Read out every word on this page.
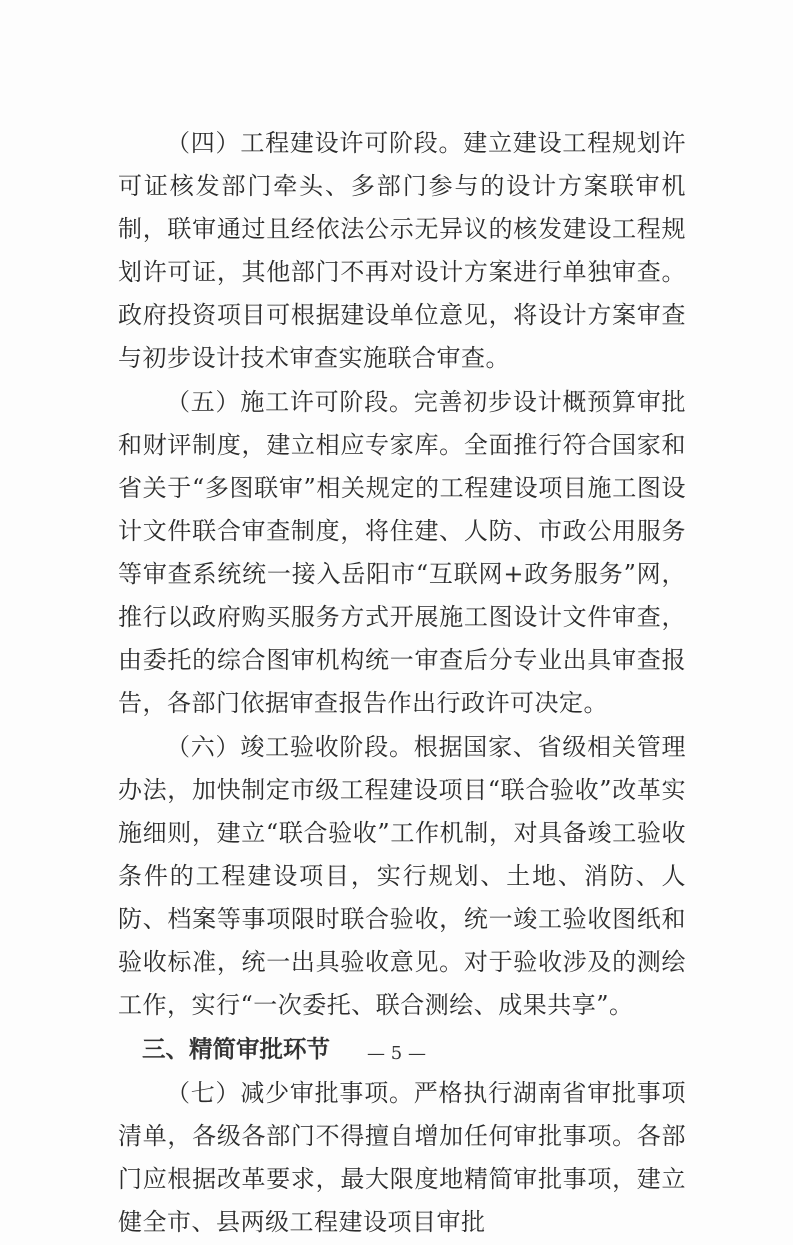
（四）工程建设许可阶段。建立建设工程规划许可证核发部门牵头、多部门参与的设计方案联审机制，联审通过且经依法公示无异议的核发建设工程规划许可证，其他部门不再对设计方案进行单独审查。政府投资项目可根据建设单位意见，将设计方案审查与初步设计技术审查实施联合审查。

（五）施工许可阶段。完善初步设计概预算审批和财评制度，建立相应专家库。全面推行符合国家和省关于“多图联审”相关规定的工程建设项目施工图设计文件联合审查制度，将住建、人防、市政公用服务等审查系统统一接入岳阳市“互联网+政务服务”网，推行以政府购买服务方式开展施工图设计文件审查，由委托的综合图审机构统一审查后分专业出具审查报告，各部门依据审查报告作出行政许可决定。

（六）竣工验收阶段。根据国家、省级相关管理办法，加快制定市级工程建设项目“联合验收”改革实施细则，建立“联合验收”工作机制，对具备竣工验收条件的工程建设项目，实行规划、土地、消防、人防、档案等事项限时联合验收，统一竣工验收图纸和验收标准，统一出具验收意见。对于验收涉及的测绘工作，实行“一次委托、联合测绘、成果共享”。

三、精简审批环节

（七）减少审批事项。严格执行湖南省审批事项清单，各级各部门不得擅自增加任何审批事项。各部门应根据改革要求，最大限度地精简审批事项，建立健全市、县两级工程建设项目审批

— 5 —
